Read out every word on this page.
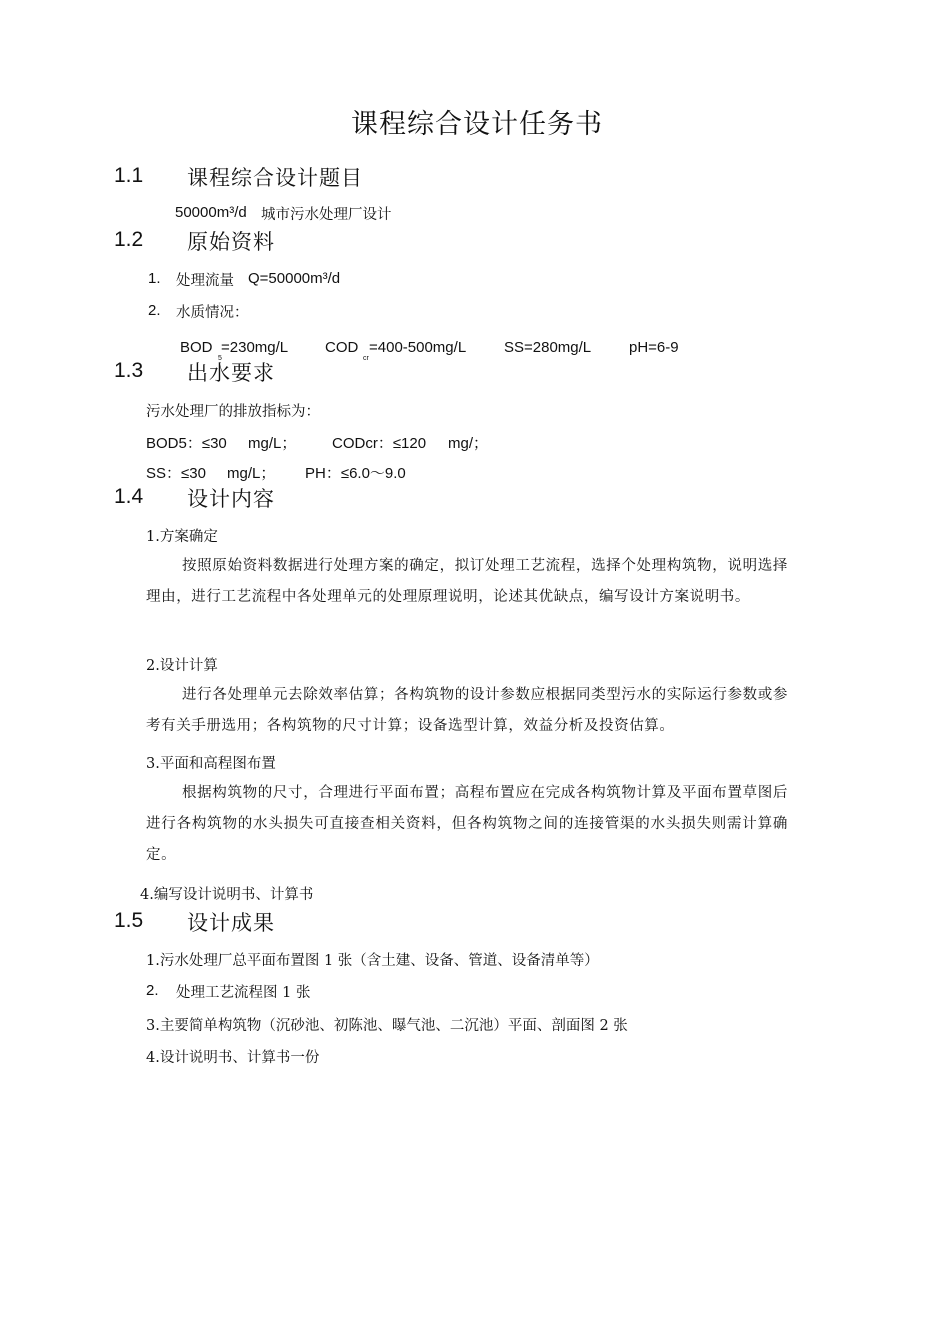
课程综合设计任务书
1.1 课程综合设计题目
50000m³/d 城市污水处理厂设计
1.2 原始资料
1. 处理流量 Q=50000m³/d
2. 水质情况：
BOD
5
=230mg/L COD
cr
=400-500mg/L	SS=280mg/L	pH=6-9
1.3 出水要求
污水处理厂的排放指标为：
BOD5：≤30 mg/L； CODcr：≤120 mg/；
SS：≤30 mg/L； PH：≤6.0～9.0
1.4 设计内容
1.方案确定
按照原始资料数据进行处理方案的确定，拟订处理工艺流程，选择个处理构筑物，说明选择理由，进行工艺流程中各处理单元的处理原理说明，论述其优缺点，编写设计方案说明书。
2.设计计算
进行各处理单元去除效率估算；各构筑物的设计参数应根据同类型污水的实际运行参数或参考有关手册选用；各构筑物的尺寸计算；设备选型计算，效益分析及投资估算。
3.平面和高程图布置
根据构筑物的尺寸，合理进行平面布置；高程布置应在完成各构筑物计算及平面布置草图后进行各构筑物的水头损失可直接查相关资料，但各构筑物之间的连接管渠的水头损失则需计算确定。
4.编写设计说明书、计算书
1.5 设计成果
1.污水处理厂总平面布置图 1 张（含土建、设备、管道、设备清单等）
2. 处理工艺流程图 1 张
3.主要简单构筑物（沉砂池、初陈池、曝气池、二沉池）平面、剖面图 2 张
4.设计说明书、计算书一份
